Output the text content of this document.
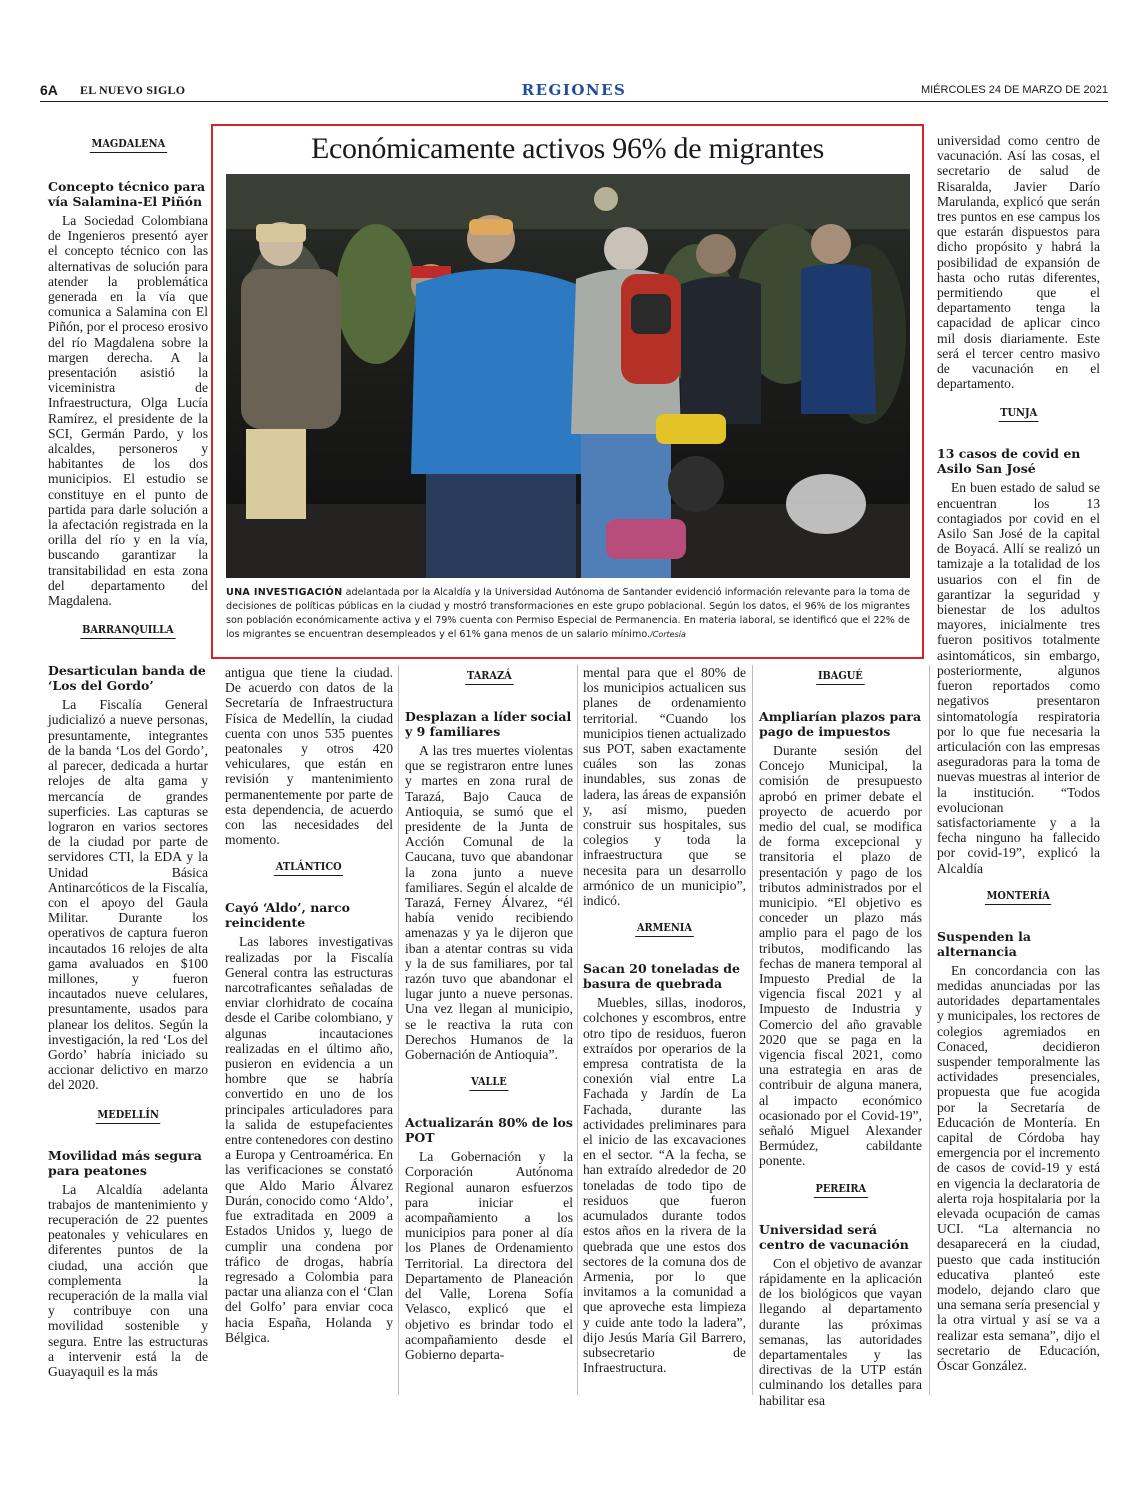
6A EL NUEVO SIGLO	REGIONES	MIÉRCOLES 24 DE MARZO DE 2021
MAGDALENA
Concepto técnico para vía Salamina-El Piñón

La Sociedad Colombiana de Ingenieros presentó ayer el concepto técnico con las alternativas de solución para atender la problemática generada en la vía que comunica a Salamina con El Piñón, por el proceso erosivo del río Magdalena sobre la margen derecha. A la presentación asistió la viceministra de Infraestructura, Olga Lucía Ramírez, el presidente de la SCI, Germán Pardo, y los alcaldes, personeros y habitantes de los dos municipios. El estudio se constituye en el punto de partida para darle solución a la afectación registrada en la orilla del río y en la vía, buscando garantizar la transitabilidad en esta zona del departamento del Magdalena.

BARRANQUILLA
Desarticulan banda de ‘Los del Gordo’

La Fiscalía General judicializó a nueve personas, presuntamente, integrantes de la banda ‘Los del Gordo’, al parecer, dedicada a hurtar relojes de alta gama y mercancía de grandes superficies. Las capturas se lograron en varios sectores de la ciudad por parte de servidores CTI, la EDA y la Unidad Básica Antinarcóticos de la Fiscalía, con el apoyo del Gaula Militar. Durante los operativos de captura fueron incautados 16 relojes de alta gama avaluados en $100 millones, y fueron incautados nueve celulares, presuntamente, usados para planear los delitos. Según la investigación, la red ‘Los del Gordo’ habría iniciado su accionar delictivo en marzo del 2020.

MEDELLÍN
Movilidad más segura para peatones

La Alcaldía adelanta trabajos de mantenimiento y recuperación de 22 puentes peatonales y vehiculares en diferentes puntos de la ciudad, una acción que complementa la recuperación de la malla vial y contribuye con una movilidad sostenible y segura. Entre las estructuras a intervenir está la de Guayaquil es la más

Económicamente activos 96% de migrantes

UNA INVESTIGACIÓN adelantada por la Alcaldía y la Universidad Autónoma de Santander evidenció información relevante para la toma de decisiones de políticas públicas en la ciudad y mostró transformaciones en este grupo poblacional. Según los datos, el 96% de los migrantes son población económicamente activa y el 79% cuenta con Permiso Especial de Permanencia. En materia laboral, se identificó que el 22% de los migrantes se encuentran desempleados y el 61% gana menos de un salario mínimo./Cortesía

antigua que tiene la ciudad. De acuerdo con datos de la Secretaría de Infraestructura Física de Medellín, la ciudad cuenta con unos 535 puentes peatonales y otros 420 vehiculares, que están en revisión y mantenimiento permanentemente por parte de esta dependencia, de acuerdo con las necesidades del momento.

ATLÁNTICO
Cayó ‘Aldo’, narco reincidente

Las labores investigativas realizadas por la Fiscalía General contra las estructuras narcotraficantes señaladas de enviar clorhidrato de cocaína desde el Caribe colombiano, y algunas incautaciones realizadas en el último año, pusieron en evidencia a un hombre que se habría convertido en uno de los principales articuladores para la salida de estupefacientes entre contenedores con destino a Europa y Centroamérica. En las verificaciones se constató que Aldo Mario Álvarez Durán, conocido como ‘Aldo’, fue extraditada en 2009 a Estados Unidos y, luego de cumplir una condena por tráfico de drogas, habría regresado a Colombia para pactar una alianza con el ‘Clan del Golfo’ para enviar coca hacia España, Holanda y Bélgica.

TARAZÁ
Desplazan a líder social y 9 familiares

A las tres muertes violentas que se registraron entre lunes y martes en zona rural de Tarazá, Bajo Cauca de Antioquia, se sumó que el presidente de la Junta de Acción Comunal de la Caucana, tuvo que abandonar la zona junto a nueve familiares. Según el alcalde de Tarazá, Ferney Álvarez, “él había venido recibiendo amenazas y ya le dijeron que iban a atentar contras su vida y la de sus familiares, por tal razón tuvo que abandonar el lugar junto a nueve personas. Una vez llegan al municipio, se le reactiva la ruta con Derechos Humanos de la Gobernación de Antioquia”.

VALLE
Actualizarán 80% de los POT

La Gobernación y la Corporación Autónoma Regional aunaron esfuerzos para iniciar el acompañamiento a los municipios para poner al día los Planes de Ordenamiento Territorial. La directora del Departamento de Planeación del Valle, Lorena Sofía Velasco, explicó que el objetivo es brindar todo el acompañamiento desde el Gobierno departa-

mental para que el 80% de los municipios actualicen sus planes de ordenamiento territorial. “Cuando los municipios tienen actualizado sus POT, saben exactamente cuáles son las zonas inundables, sus zonas de ladera, las áreas de expansión y, así mismo, pueden construir sus hospitales, sus colegios y toda la infraestructura que se necesita para un desarrollo armónico de un municipio”, indicó.

ARMENIA
Sacan 20 toneladas de basura de quebrada

Muebles, sillas, inodoros, colchones y escombros, entre otro tipo de residuos, fueron extraídos por operarios de la empresa contratista de la conexión vial entre La Fachada y Jardín de La Fachada, durante las actividades preliminares para el inicio de las excavaciones en el sector. “A la fecha, se han extraído alrededor de 20 toneladas de todo tipo de residuos que fueron acumulados durante todos estos años en la rivera de la quebrada que une estos dos sectores de la comuna dos de Armenia, por lo que invitamos a la comunidad a que aproveche esta limpieza y cuide ante todo la ladera”, dijo Jesús María Gil Barrero, subsecretario de Infraestructura.

IBAGUÉ
Ampliarían plazos para pago de impuestos

Durante sesión del Concejo Municipal, la comisión de presupuesto aprobó en primer debate el proyecto de acuerdo por medio del cual, se modifica de forma excepcional y transitoria el plazo de presentación y pago de los tributos administrados por el municipio. “El objetivo es conceder un plazo más amplio para el pago de los tributos, modificando las fechas de manera temporal al Impuesto Predial de la vigencia fiscal 2021 y al Impuesto de Industria y Comercio del año gravable 2020 que se paga en la vigencia fiscal 2021, como una estrategia en aras de contribuir de alguna manera, al impacto económico ocasionado por el Covid-19”, señaló Miguel Alexander Bermúdez, cabildante ponente.

PEREIRA
Universidad será centro de vacunación

Con el objetivo de avanzar rápidamente en la aplicación de los biológicos que vayan llegando al departamento durante las próximas semanas, las autoridades departamentales y las directivas de la UTP están culminando los detalles para habilitar esa

universidad como centro de vacunación. Así las cosas, el secretario de salud de Risaralda, Javier Darío Marulanda, explicó que serán tres puntos en ese campus los que estarán dispuestos para dicho propósito y habrá la posibilidad de expansión de hasta ocho rutas diferentes, permitiendo que el departamento tenga la capacidad de aplicar cinco mil dosis diariamente. Este será el tercer centro masivo de vacunación en el departamento.

TUNJA
13 casos de covid en Asilo San José

En buen estado de salud se encuentran los 13 contagiados por covid en el Asilo San José de la capital de Boyacá. Allí se realizó un tamizaje a la totalidad de los usuarios con el fin de garantizar la seguridad y bienestar de los adultos mayores, inicialmente tres fueron positivos totalmente asintomáticos, sin embargo, posteriormente, algunos fueron reportados como negativos presentaron sintomatología respiratoria por lo que fue necesaria la articulación con las empresas aseguradoras para la toma de nuevas muestras al interior de la institución. “Todos evolucionan satisfactoriamente y a la fecha ninguno ha fallecido por covid-19”, explicó la Alcaldía

MONTERÍA
Suspenden la alternancia

En concordancia con las medidas anunciadas por las autoridades departamentales y municipales, los rectores de colegios agremiados en Conaced, decidieron suspender temporalmente las actividades presenciales, propuesta que fue acogida por la Secretaría de Educación de Montería. En capital de Córdoba hay emergencia por el incremento de casos de covid-19 y está en vigencia la declaratoria de alerta roja hospitalaria por la elevada ocupación de camas UCI. “La alternancia no desaparecerá en la ciudad, puesto que cada institución educativa planteó este modelo, dejando claro que una semana sería presencial y la otra virtual y así se va a realizar esta semana”, dijo el secretario de Educación, Óscar González.
